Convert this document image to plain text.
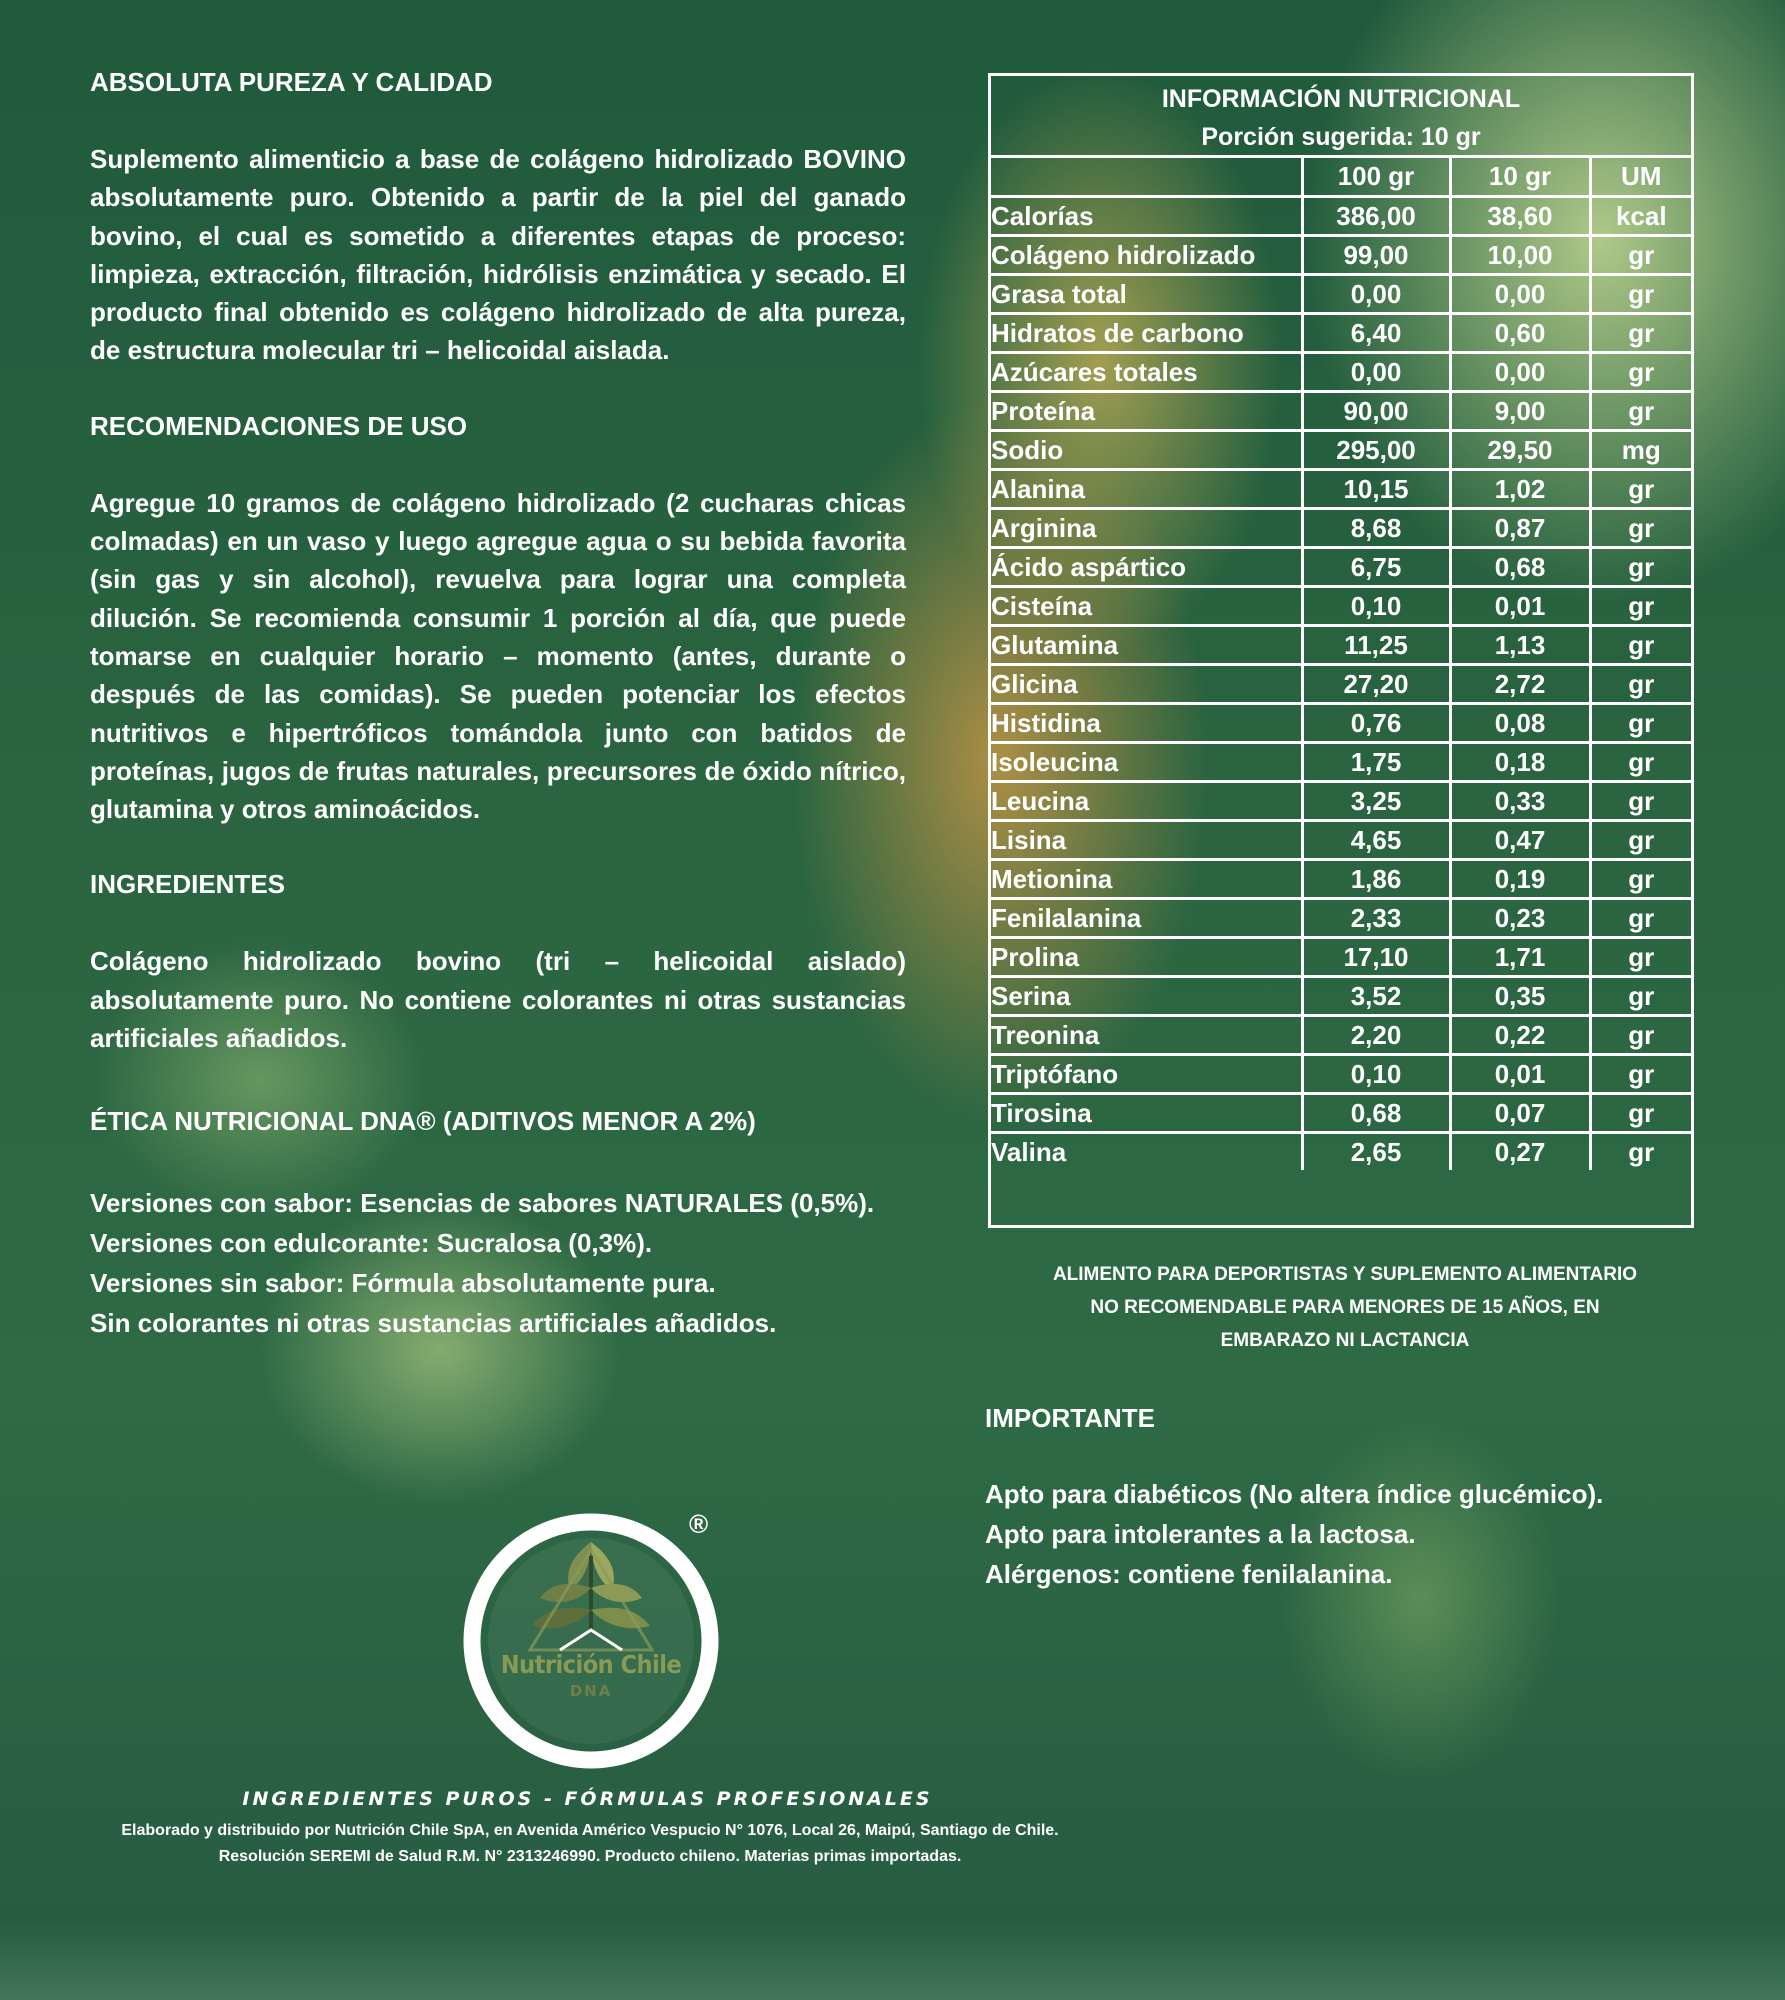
ABSOLUTA PUREZA Y CALIDAD

Suplemento alimenticio a base de colágeno hidrolizado BOVINO absolutamente puro. Obtenido a partir de la piel del ganado bovino, el cual es sometido a diferentes etapas de proceso: limpieza, extracción, filtración, hidrólisis enzimática y secado. El producto final obtenido es colágeno hidrolizado de alta pureza, de estructura molecular tri – helicoidal aislada.

RECOMENDACIONES DE USO

Agregue 10 gramos de colágeno hidrolizado (2 cucharas chicas colmadas) en un vaso y luego agregue agua o su bebida favorita (sin gas y sin alcohol), revuelva para lograr una completa dilución. Se recomienda consumir 1 porción al día, que puede tomarse en cualquier horario – momento (antes, durante o después de las comidas). Se pueden potenciar los efectos nutritivos e hipertróficos tomándola junto con batidos de proteínas, jugos de frutas naturales, precursores de óxido nítrico, glutamina y otros aminoácidos.

INGREDIENTES

Colágeno hidrolizado bovino (tri – helicoidal aislado) absolutamente puro. No contiene colorantes ni otras sustancias artificiales añadidos.

ÉTICA NUTRICIONAL DNA® (ADITIVOS MENOR A 2%)

Versiones con sabor: Esencias de sabores NATURALES (0,5%).
Versiones con edulcorante: Sucralosa (0,3%).
Versiones sin sabor: Fórmula absolutamente pura.
Sin colorantes ni otras sustancias artificiales añadidos.
INFORMACIÓN NUTRICIONAL
Porción sugerida: 10 gr
	100 gr	10 gr	UM
Calorías	386,00	38,60	kcal
Colágeno hidrolizado	99,00	10,00	gr
Grasa total	0,00	0,00	gr
Hidratos de carbono	6,40	0,60	gr
Azúcares totales	0,00	0,00	gr
Proteína	90,00	9,00	gr
Sodio	295,00	29,50	mg
Alanina	10,15	1,02	gr
Arginina	8,68	0,87	gr
Ácido aspártico	6,75	0,68	gr
Cisteína	0,10	0,01	gr
Glutamina	11,25	1,13	gr
Glicina	27,20	2,72	gr
Histidina	0,76	0,08	gr
Isoleucina	1,75	0,18	gr
Leucina	3,25	0,33	gr
Lisina	4,65	0,47	gr
Metionina	1,86	0,19	gr
Fenilalanina	2,33	0,23	gr
Prolina	17,10	1,71	gr
Serina	3,52	0,35	gr
Treonina	2,20	0,22	gr
Triptófano	0,10	0,01	gr
Tirosina	0,68	0,07	gr
Valina	2,65	0,27	gr
ALIMENTO PARA DEPORTISTAS Y SUPLEMENTO ALIMENTARIO
NO RECOMENDABLE PARA MENORES DE 15 AÑOS, EN
EMBARAZO NI LACTANCIA

IMPORTANTE

Apto para diabéticos (No altera índice glucémico).
Apto para intolerantes a la lactosa.
Alérgenos: contiene fenilalanina.
Nutrición Chile
DNA
®
INGREDIENTES PUROS - FÓRMULAS PROFESIONALES
Elaborado y distribuido por Nutrición Chile SpA, en Avenida Américo Vespucio N° 1076, Local 26, Maipú, Santiago de Chile.
Resolución SEREMI de Salud R.M. N° 2313246990. Producto chileno. Materias primas importadas.
